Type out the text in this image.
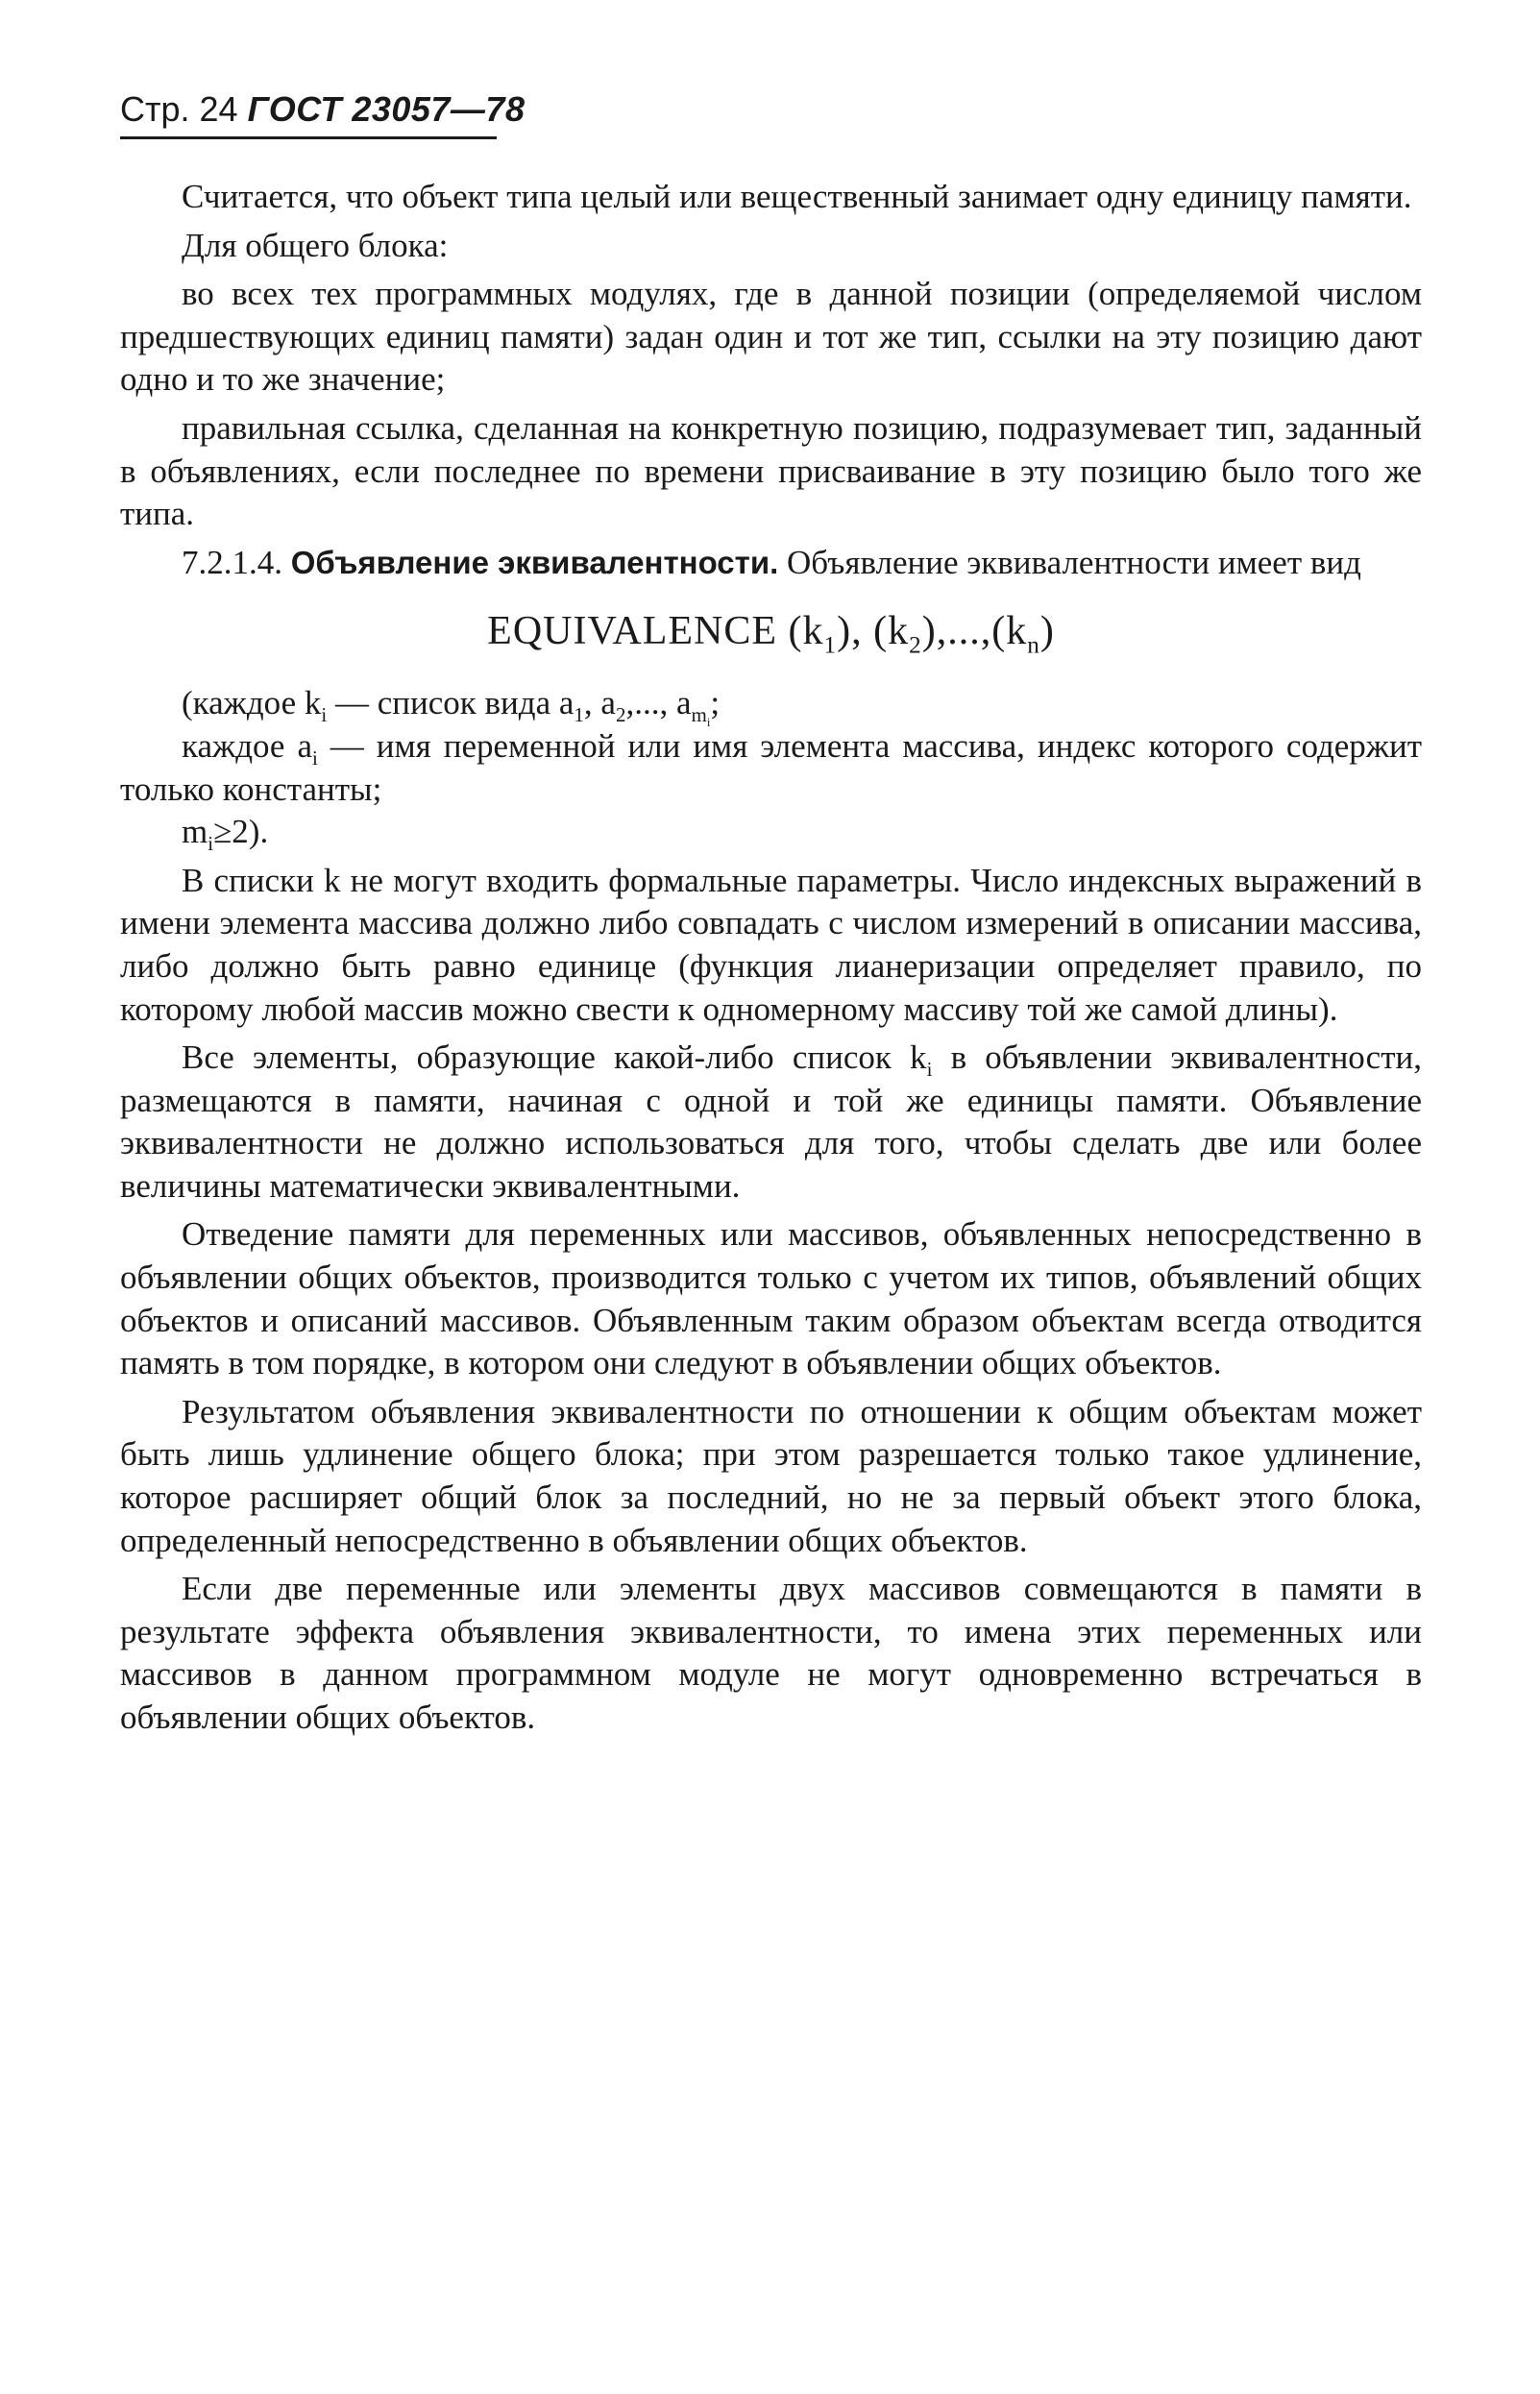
Стр. 24 ГОСТ 23057—78

Считается, что объект типа целый или вещественный занимает одну единицу памяти.

Для общего блока:

во всех тех программных модулях, где в данной позиции (определяемой числом предшествующих единиц памяти) задан один и тот же тип, ссылки на эту позицию дают одно и то же значение;

правильная ссылка, сделанная на конкретную позицию, подразумевает тип, заданный в объявлениях, если последнее по времени присваивание в эту позицию было того же типа.

7.2.1.4. Объявление эквивалентности. Объявление эквивалентности имеет вид

EQUIVALENCE $(k_1)$, $(k_2),...,(k_n)$

(каждое $k_i$ — список вида $a_1$, $a_2$,..., $a_{m_i}$;

каждое $a_i$ — имя переменной или имя элемента массива, индекс которого содержит только константы;

$m_i\ge 2$).

В списки k не могут входить формальные параметры. Число индексных выражений в имени элемента массива должно либо совпадать с числом измерений в описании массива, либо должно быть равно единице (функция лианеризации определяет правило, по которому любой массив можно свести к одномерному массиву той же самой длины).

Все элементы, образующие какой-либо список $k_i$ в объявлении эквивалентности, размещаются в памяти, начиная с одной и той же единицы памяти. Объявление эквивалентности не должно использоваться для того, чтобы сделать две или более величины математически эквивалентными.

Отведение памяти для переменных или массивов, объявленных непосредственно в объявлении общих объектов, производится только с учетом их типов, объявлений общих объектов и описаний массивов. Объявленным таким образом объектам всегда отводится память в том порядке, в котором они следуют в объявлении общих объектов.

Результатом объявления эквивалентности по отношении к общим объектам может быть лишь удлинение общего блока; при этом разрешается только такое удлинение, которое расширяет общий блок за последний, но не за первый объект этого блока, определенный непосредственно в объявлении общих объектов.

Если две переменные или элементы двух массивов совмещаются в памяти в результате эффекта объявления эквивалентности, то имена этих переменных или массивов в данном программном модуле не могут одновременно встречаться в объявлении общих объектов.
